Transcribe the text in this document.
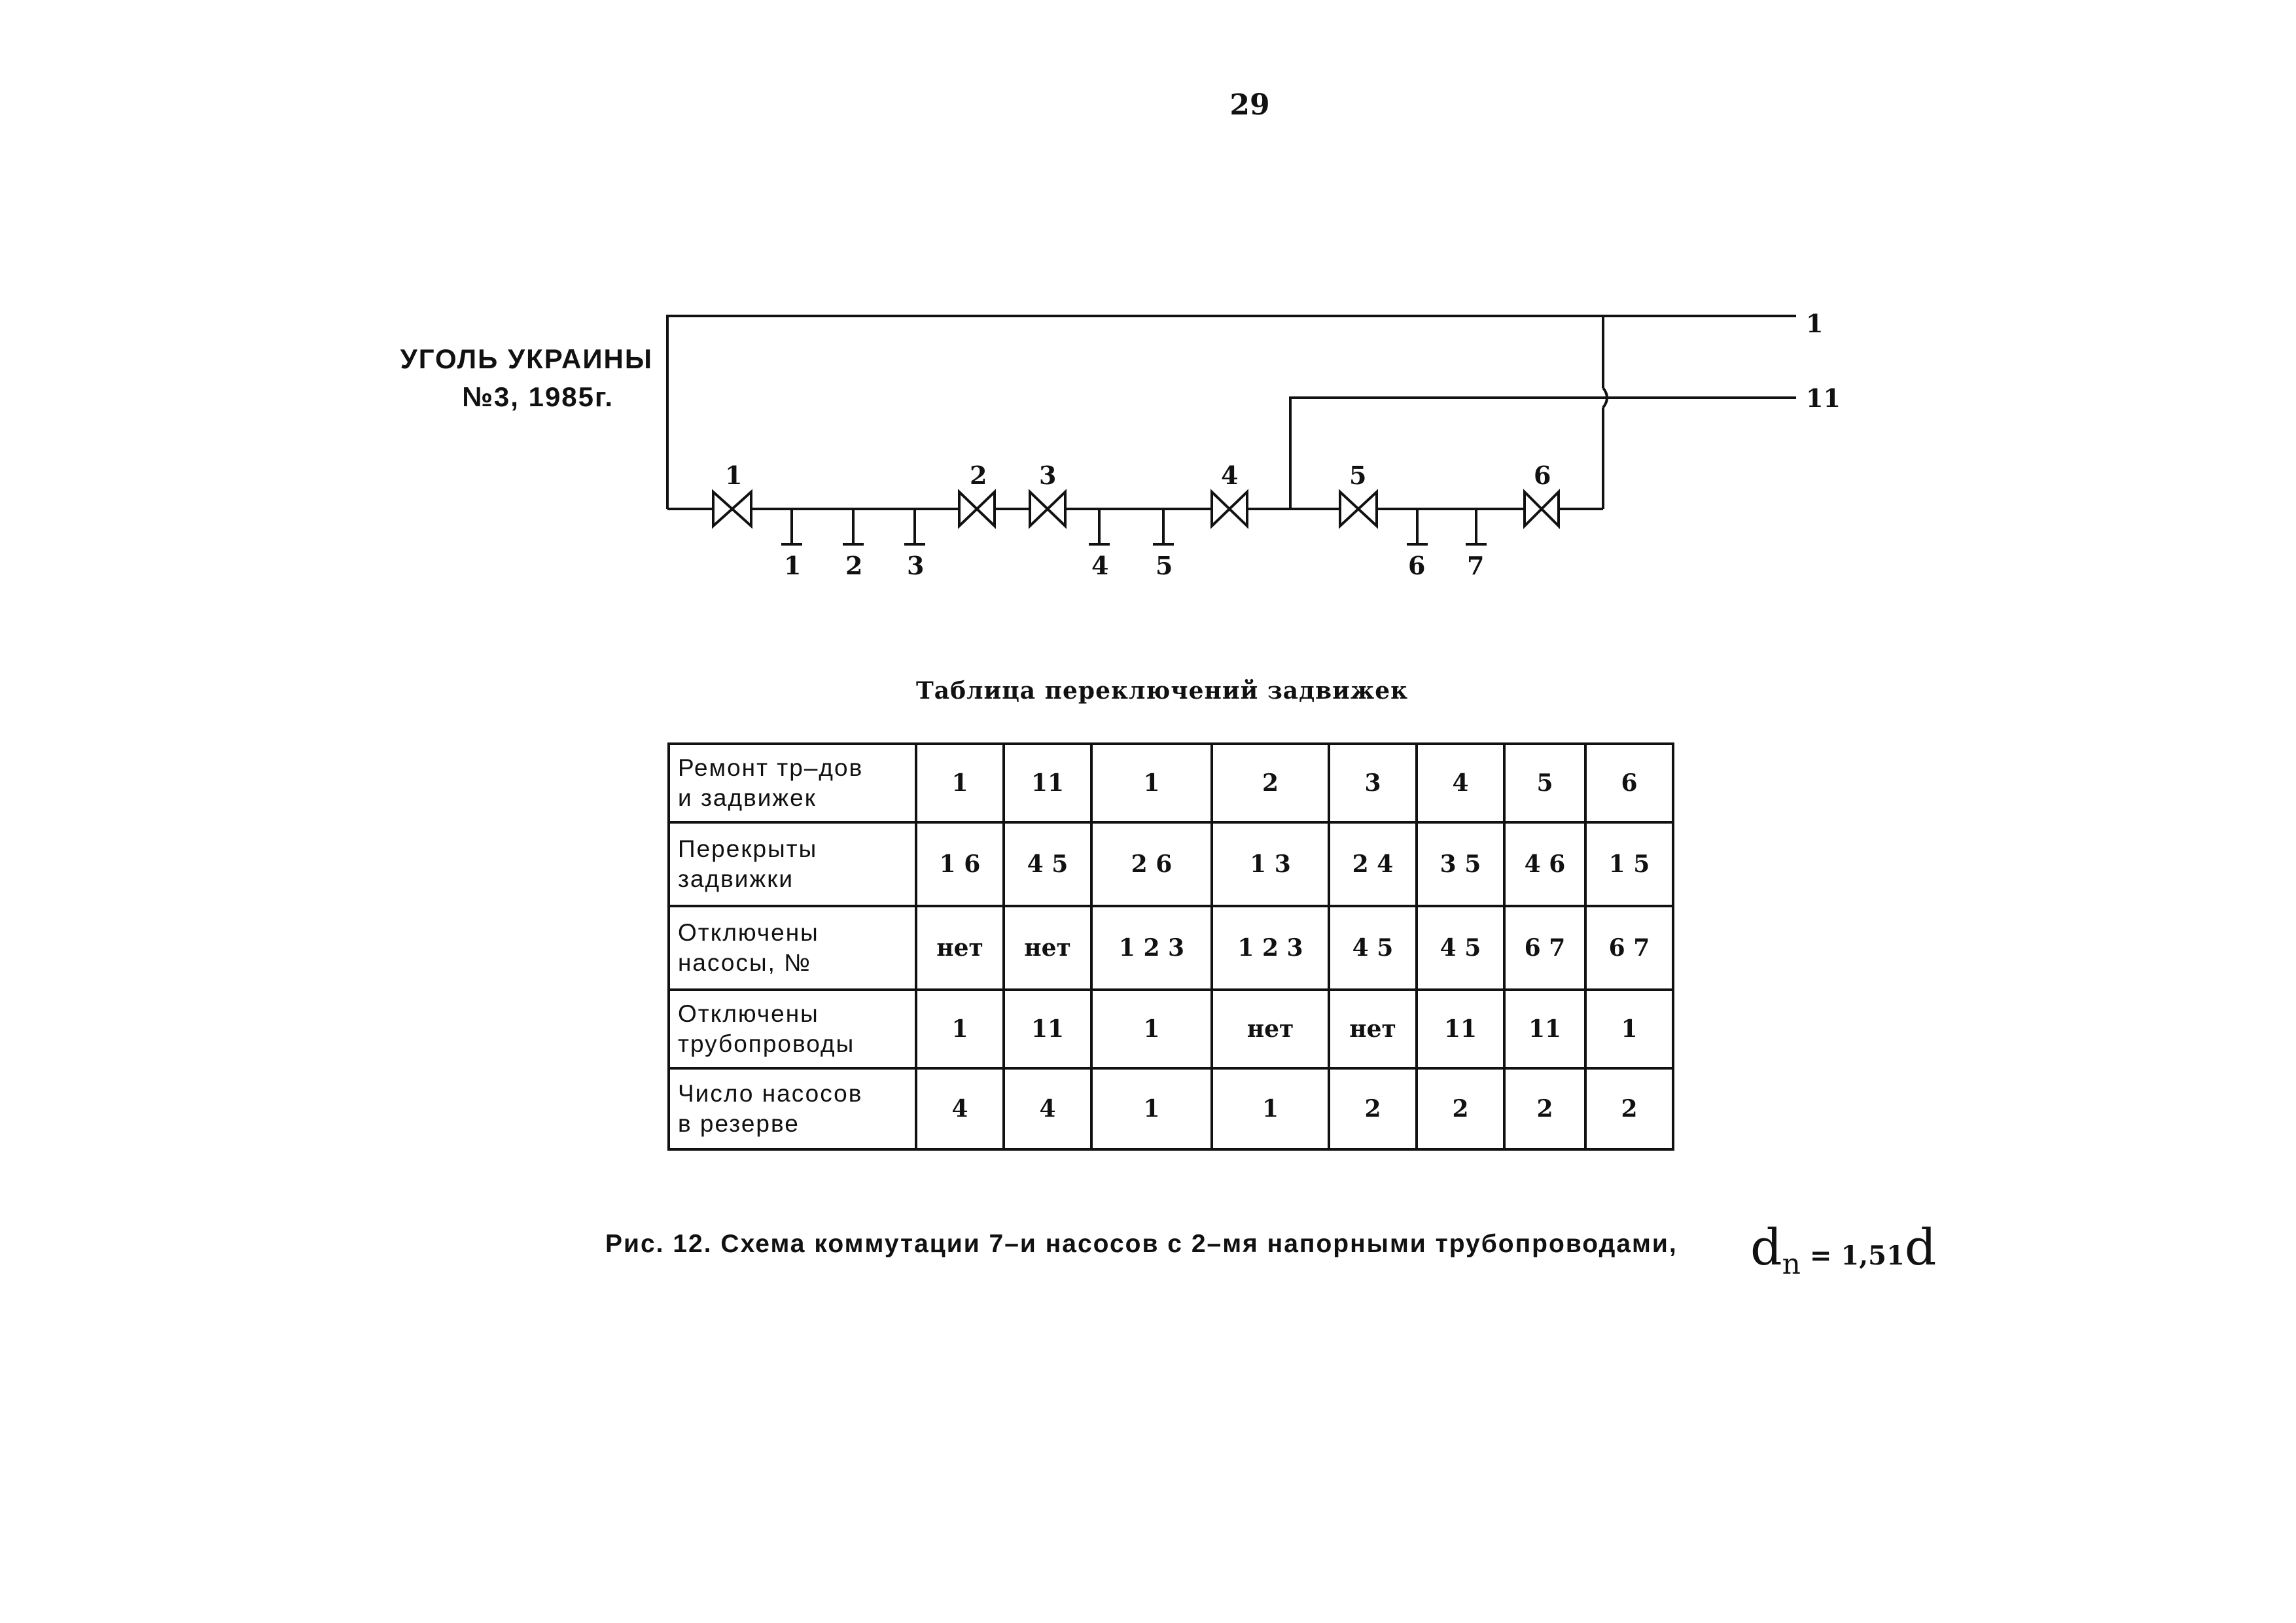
29
УГОЛЬ УКРАИНЫ
№3, 1985г.
1
11
1	2 3	4	5	6
1 2 3	4 5	6 7
Таблица переключений задвижек
Ремонт тр–дов
и задвижек	1	11	1	2	3	4	5	6

Перекрыты
задвижки	1 6	4 5	2 6	1 3	2 4	3 5	4 6	1 5

Отключены
насосы, №	нет	нет	1 2 3	1 2 3	4 5	4 5	6 7	6 7

Отключены
трубопроводы	1	11	1	нет	нет	11	11	1

Число насосов
в резерве	4	4	1	1	2	2	2	2
Рис. 12. Схема коммутации 7–и насосов с 2–мя напорными трубопроводами, dn = 1,51d
